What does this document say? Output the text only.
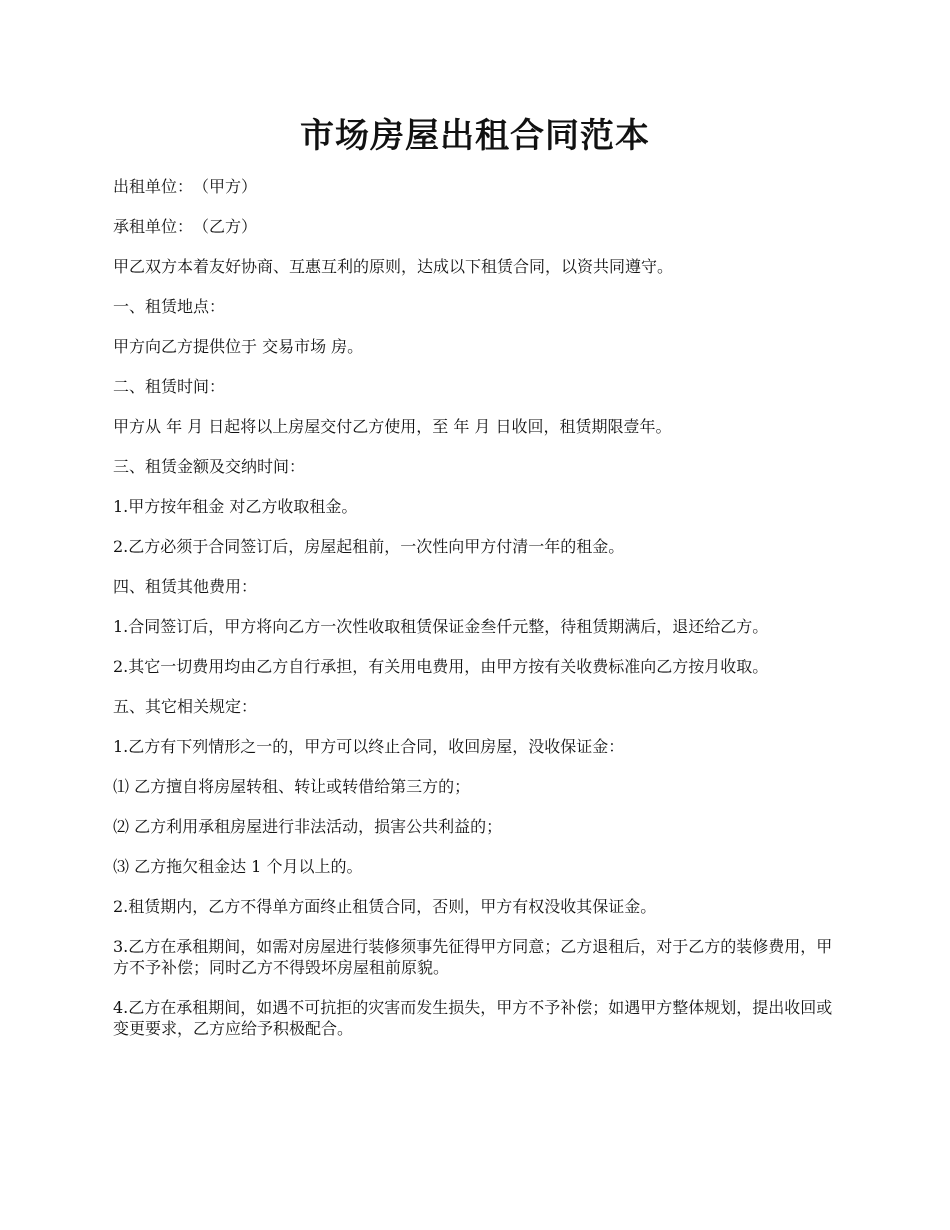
市场房屋出租合同范本

出租单位：　（甲方）

承租单位：　（乙方）

甲乙双方本着友好协商、互惠互利的原则，达成以下租赁合同，以资共同遵守。

一、租赁地点：

甲方向乙方提供位于 交易市场 房。

二、租赁时间：

甲方从 年 月 日起将以上房屋交付乙方使用，至 年 月 日收回，租赁期限壹年。

三、租赁金额及交纳时间：

1.甲方按年租金 对乙方收取租金。

2.乙方必须于合同签订后，房屋起租前，一次性向甲方付清一年的租金。

四、租赁其他费用：

1.合同签订后，甲方将向乙方一次性收取租赁保证金叁仟元整，待租赁期满后，退还给乙方。

2.其它一切费用均由乙方自行承担，有关用电费用，由甲方按有关收费标准向乙方按月收取。

五、其它相关规定：

1.乙方有下列情形之一的，甲方可以终止合同，收回房屋，没收保证金：

⑴ 乙方擅自将房屋转租、转让或转借给第三方的；

⑵ 乙方利用承租房屋进行非法活动，损害公共利益的；

⑶ 乙方拖欠租金达 1 个月以上的。

2.租赁期内，乙方不得单方面终止租赁合同，否则，甲方有权没收其保证金。

3.乙方在承租期间，如需对房屋进行装修须事先征得甲方同意；乙方退租后，对于乙方的装修费用，甲方不予补偿；同时乙方不得毁坏房屋租前原貌。

4.乙方在承租期间，如遇不可抗拒的灾害而发生损失，甲方不予补偿；如遇甲方整体规划，提出收回或变更要求，乙方应给予积极配合。
